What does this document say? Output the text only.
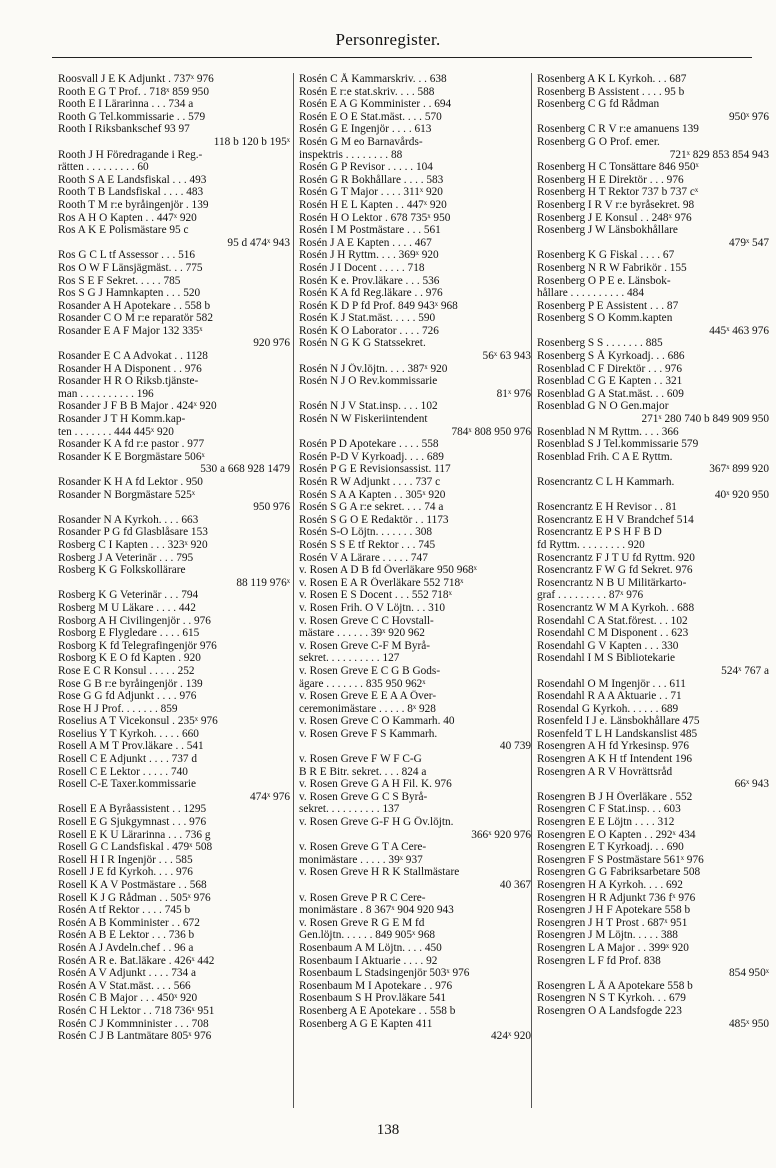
Personregister.
Roosvall J E K Adjunkt . 737ˣ 976
Rooth E G T Prof. . 718ˣ 859 950
Rooth E I Lärarinna . . . 734 a
Rooth G Tel.kommissarie . . 579
Rooth I Riksbankschef 93 97
118 b 120 b 195ˣ
Rooth J H Föredragande i Reg.-
rätten . . . . . . . . . 60
Rooth S A E Landsfiskal . . . 493
Rooth T B Landsfiskal . . . . 483
Rooth T M r:e byråingenjör . 139
Ros A H O Kapten . . 447ˣ 920
Ros A K E Polismästare 95 c
95 d 474ˣ 943
Ros G C L tf Assessor . . . 516
Ros O W F Länsjägmäst. . . 775
Ros S E F Sekret. . . . . 785
Ros S G J Hamnkapten . . . 520
Rosander A H Apotekare . . 558 b
Rosander C O M r:e reparatör 582
Rosander E A F Major 132 335ˣ
920 976
Rosander E C A Advokat . . 1128
Rosander H A Disponent . . 976
Rosander H R O Riksb.tjänste-
man . . . . . . . . . . 196
Rosander J F B B Major . 424ˣ 920
Rosander J T H Komm.kap-
ten . . . . . . . 444 445ˣ 920
Rosander K A fd r:e pastor . 977
Rosander K E Borgmästare 506ˣ
530 a 668 928 1479
Rosander K H A fd Lektor . 950
Rosander N Borgmästare 525ˣ
950 976
Rosander N A Kyrkoh. . . . 663
Rosander P G fd Glasblåsare 153
Rosberg C I Kapten . . . 323ˣ 920
Rosberg J A Veterinär . . . 795
Rosberg K G Folkskollärare
88 119 976ˣ
Rosberg K G Veterinär . . . 794
Rosberg M U Läkare . . . . 442
Rosborg A H Civilingenjör . . 976
Rosborg E Flygledare . . . . 615
Rosborg K fd Telegrafingenjör 976
Rosborg K E O fd Kapten . 920
Rose E C R Konsul . . . . . 252
Rose G B r:e byråingenjör . 139
Rose G G fd Adjunkt . . . . 976
Rose H J Prof. . . . . . . 859
Roselius A T Vicekonsul . 235ˣ 976
Roselius Y T Kyrkoh. . . . . 660
Rosell A M T Prov.läkare . . 541
Rosell C E Adjunkt . . . . 737 d
Rosell C E Lektor . . . . . 740
Rosell C-E Taxer.kommissarie
474ˣ 976
Rosell E A Byråassistent . . 1295
Rosell E G Sjukgymnast . . . 976
Rosell E K U Lärarinna . . . 736 g
Rosell G C Landsfiskal . 479ˣ 508
Rosell H I R Ingenjör . . . 585
Rosell J E fd Kyrkoh. . . . 976
Rosell K A V Postmästare . . 568
Rosell K J G Rådman . . 505ˣ 976
Rosén A tf Rektor . . . . 745 b
Rosén A B Komminister . . 672
Rosén A B E Lektor . . . 736 b
Rosén A J Avdeln.chef . . 96 a
Rosén A R e. Bat.läkare . 426ˣ 442
Rosén A V Adjunkt . . . . 734 a
Rosén A V Stat.mäst. . . . 566
Rosén C B Major . . . 450ˣ 920
Rosén C H Lektor . . 718 736ˣ 951
Rosén C J Kommninister . . . 708
Rosén C J B Lantmätare 805ˣ 976
Rosén C Å Kammarskriv. . . 638
Rosén E r:e stat.skriv. . . . 588
Rosén E A G Komminister . . 694
Rosén E O E Stat.mäst. . . . 570
Rosén G E Ingenjör . . . . 613
Rosén G M eo Barnavårds-
inspektris . . . . . . . . 88
Rosén G P Revisor . . . . . 104
Rosén G R Bokhållare . . . . 583
Rosén G T Major . . . . 311ˣ 920
Rosén H E L Kapten . . 447ˣ 920
Rosén H O Lektor . 678 735ˣ 950
Rosén I M Postmästare . . . 561
Rosén J A E Kapten . . . . 467
Rosén J H Ryttm. . . . 369ˣ 920
Rosén J I Docent . . . . . 718
Rosén K e. Prov.läkare . . . 536
Rosén K A fd Reg.läkare . . 976
Rosén K D P fd Prof. 849 943ˣ 968
Rosén K J Stat.mäst. . . . . 590
Rosén K O Laborator . . . . 726
Rosén N G K G Statssekret.
56ˣ 63 943
Rosén N J Öv.löjtn. . . . 387ˣ 920
Rosén N J O Rev.kommissarie
81ˣ 976
Rosén N J V Stat.insp. . . . 102
Rosén N W Fiskeriintendent
784ˣ 808 950 976
Rosén P D Apotekare . . . . 558
Rosén P-D V Kyrkoadj. . . . 689
Rosén P G E Revisionsassist. 117
Rosén R W Adjunkt . . . . 737 c
Rosén S A A Kapten . . 305ˣ 920
Rosén S G A r:e sekret. . . . 74 a
Rosén S G O E Redaktör . . 1173
Rosén S-O Löjtn. . . . . . . 308
Rosén S S E tf Rektor . . . 745
Rosén V A Lärare . . . . . 747
v. Rosen A D B fd Överläkare 950 968ˣ
v. Rosen E A R Överläkare 552 718ˣ
v. Rosen E S Docent . . . 552 718ˣ
v. Rosen Frih. O V Löjtn. . . 310
v. Rosen Greve C C Hovstall-
mästare . . . . . . 39ˣ 920 962
v. Rosen Greve C-F M Byrå-
sekret. . . . . . . . . . 127
v. Rosen Greve E C G B Gods-
ägare . . . . . . . 835 950 962ˣ
v. Rosen Greve E E A A Över-
ceremonimästare . . . . . 8ˣ 928
v. Rosen Greve C O Kammarh. 40
v. Rosen Greve F S Kammarh.
40 739
v. Rosen Greve F W F C-G
B R E Bitr. sekret. . . . 824 a
v. Rosen Greve G A H Fil. K. 976
v. Rosen Greve G C S Byrå-
sekret. . . . . . . . . . 137
v. Rosen Greve G-F H G Öv.löjtn.
366ˣ 920 976
v. Rosen Greve G T A Cere-
monimästare . . . . . 39ˣ 937
v. Rosen Greve H R K Stallmästare
40 367
v. Rosen Greve P R C Cere-
monimästare . 8 367ˣ 904 920 943
v. Rosen Greve R G E M fd
Gen.löjtn. . . . . . 849 905ˣ 968
Rosenbaum A M Löjtn. . . . 450
Rosenbaum I Aktuarie . . . . 92
Rosenbaum L Stadsingenjör 503ˣ 976
Rosenbaum M I Apotekare . . 976
Rosenbaum S H Prov.läkare 541
Rosenberg A E Apotekare . . 558 b
Rosenberg A G E Kapten 411
424ˣ 920
Rosenberg A K L Kyrkoh. . . 687
Rosenberg B Assistent . . . . 95 b
Rosenberg C G fd Rådman
950ˣ 976
Rosenberg C R V r:e amanuens 139
Rosenberg G O Prof. emer.
721ˣ 829 853 854 943
Rosenberg H C Tonsättare 846 950ˣ
Rosenberg H E Direktör . . . 976
Rosenberg H T Rektor 737 b 737 cˣ
Rosenberg I R V r:e byråsekret. 98
Rosenberg J E Konsul . . 248ˣ 976
Rosenberg J W Länsbokhållare
479ˣ 547
Rosenberg K G Fiskal . . . . 67
Rosenberg N R W Fabrikör . 155
Rosenberg O P E e. Länsbok-
hållare . . . . . . . . . . 484
Rosenberg P E Assistent . . . 87
Rosenberg S O Komm.kapten
445ˣ 463 976
Rosenberg S S . . . . . . . 885
Rosenberg S Å Kyrkoadj. . . 686
Rosenblad C F Direktör . . . 976
Rosenblad C G E Kapten . . 321
Rosenblad G A Stat.mäst. . . 609
Rosenblad G N O Gen.major
271ˣ 280 740 b 849 909 950
Rosenblad N M Ryttm. . . . 366
Rosenblad S J Tel.kommissarie 579
Rosenblad Frih. C A E Ryttm.
367ˣ 899 920
Rosencrantz C L H Kammarh.
40ˣ 920 950
Rosencrantz E H Revisor . . 81
Rosencrantz E H V Brandchef 514
Rosencrantz E P S H F B D
fd Ryttm. . . . . . . . . 920
Rosencrantz F J T U fd Ryttm. 920
Rosencrantz F W G fd Sekret. 976
Rosencrantz N B U Militärkarto-
graf . . . . . . . . . 87ˣ 976
Rosencrantz W M A Kyrkoh. . 688
Rosendahl C A Stat.förest. . . 102
Rosendahl C M Disponent . . 623
Rosendahl G V Kapten . . . 330
Rosendahl I M S Bibliotekarie
524ˣ 767 a
Rosendahl O M Ingenjör . . . 611
Rosendahl R A A Aktuarie . . 71
Rosendal G Kyrkoh. . . . . . 689
Rosenfeld I J e. Länsbokhållare 475
Rosenfeld T L H Landskanslist 485
Rosengren A H fd Yrkesinsp. 976
Rosengren A K H tf Intendent 196
Rosengren A R V Hovrättsråd
66ˣ 943
Rosengren B J H Överläkare . 552
Rosengren C F Stat.insp. . . 603
Rosengren E E Löjtn . . . . 312
Rosengren E O Kapten . . 292ˣ 434
Rosengren E T Kyrkoadj. . . 690
Rosengren F S Postmästare 561ˣ 976
Rosengren G G Fabriksarbetare 508
Rosengren H A Kyrkoh. . . . 692
Rosengren H R Adjunkt 736 fˣ 976
Rosengren J H F Apotekare 558 b
Rosengren J H T Prost . 687ˣ 951
Rosengren J M Löjtn. . . . . 388
Rosengren L A Major . . 399ˣ 920
Rosengren L F fd Prof. 838
854 950ˣ
Rosengren L Å A Apotekare 558 b
Rosengren N S T Kyrkoh. . . 679
Rosengren O A Landsfogde 223
485ˣ 950
138
